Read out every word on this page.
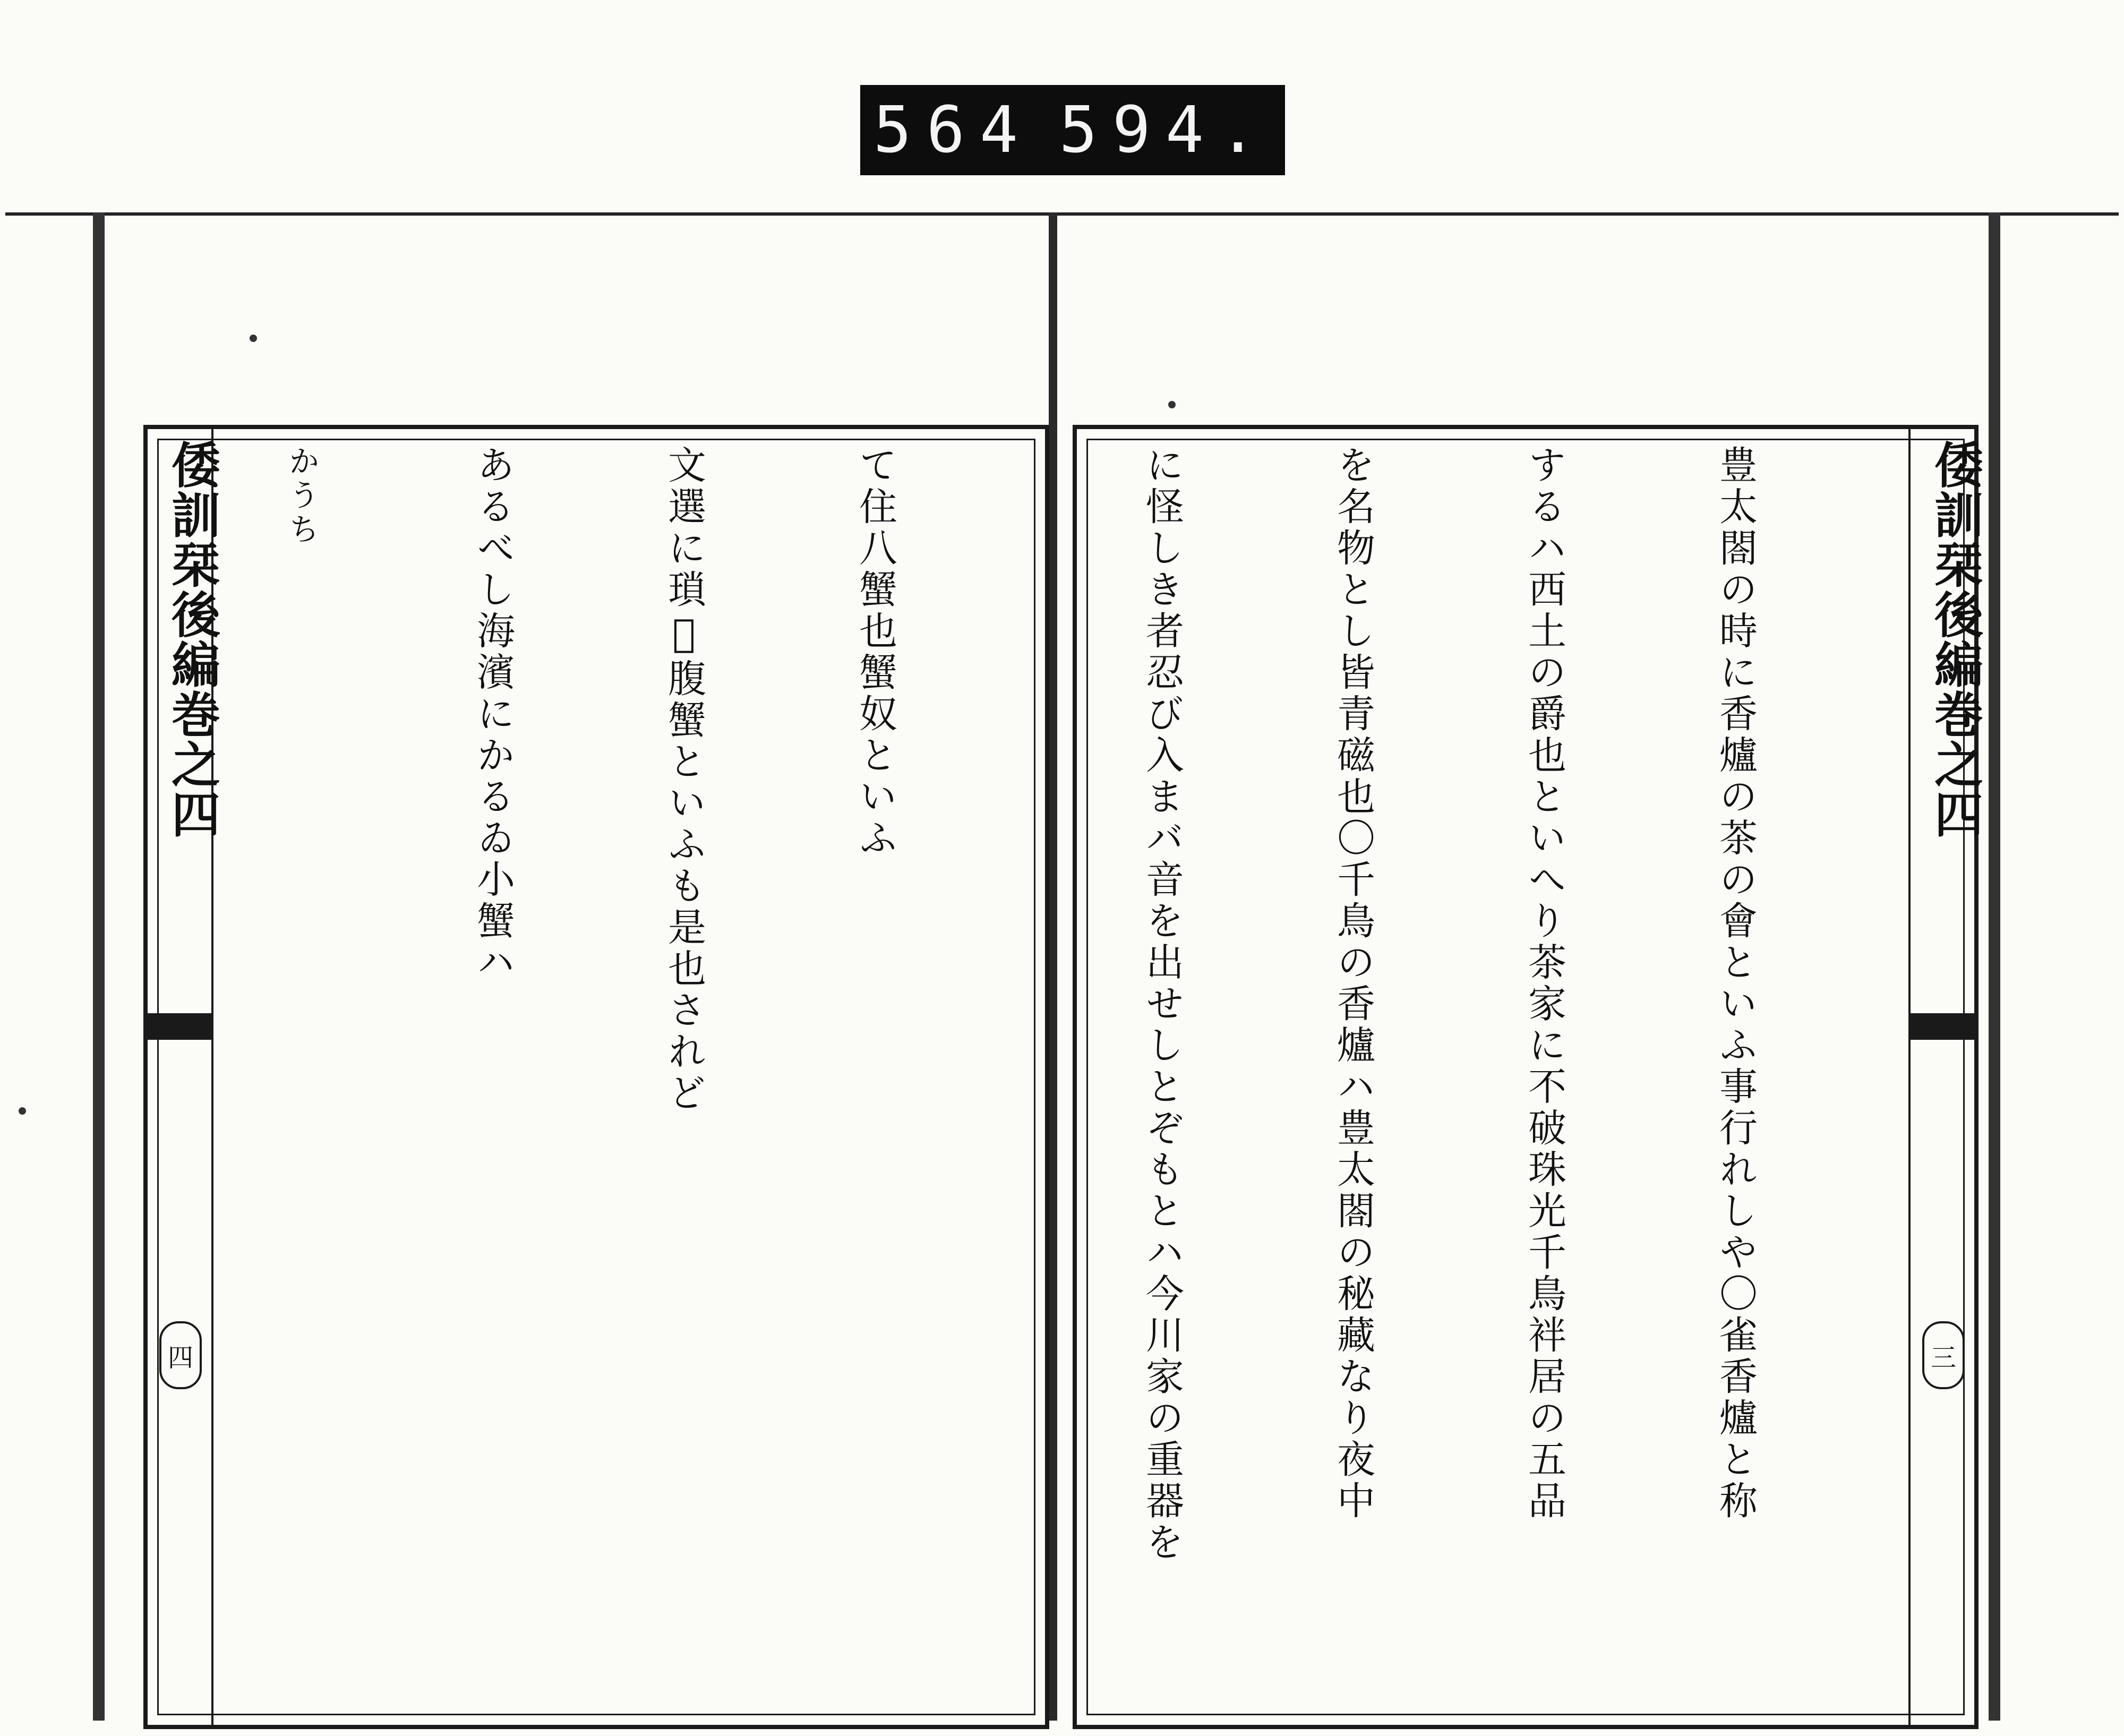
564 594.
倭訓栞後編巻之四
四

て住八蟹也蟹奴といふ

文選に瑣𤣴腹蟹といふも是也されど

あるべし海濱にかるゐ小蟹ハ

かうち

	倭訓栞後編巻之四
三

豊太閤の時に香爐の茶の會といふ事行れしや〇雀香爐と称

するハ西土の爵也といへり茶家に不破珠光千鳥袢居の五品

を名物とし皆青磁也〇千鳥の香爐ハ豊太閤の秘藏なり夜中

に怪しき者忍び入まバ音を出せしとぞもとハ今川家の重器を
